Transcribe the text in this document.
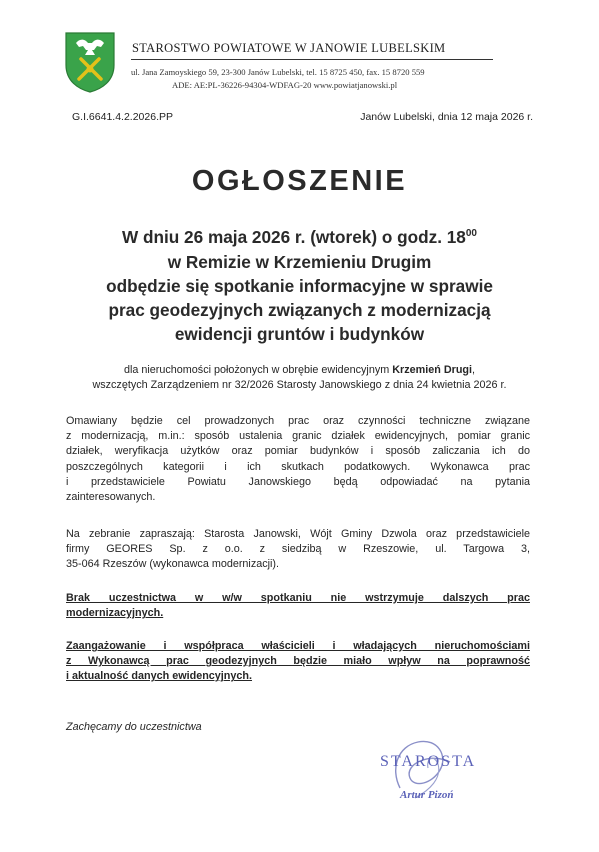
STAROSTWO POWIATOWE W JANOWIE LUBELSKIM
ul. Jana Zamoyskiego 59, 23-300 Janów Lubelski, tel. 15 8725 450, fax. 15 8720 559
ADE: AE:PL-36226-94304-WDFAG-20 www.powiatjanowski.pl
G.I.6641.4.2.2026.PP	Janów Lubelski, dnia 12 maja 2026 r.
OGŁOSZENIE
W dniu 26 maja 2026 r. (wtorek) o godz. $18^{00}$
w Remizie w Krzemieniu Drugim
odbędzie się spotkanie informacyjne w sprawie
prac geodezyjnych związanych z modernizacją
ewidencji gruntów i budynków
dla nieruchomości położonych w obrębie ewidencyjnym Krzemień Drugi,
wszczętych Zarządzeniem nr 32/2026 Starosty Janowskiego z dnia 24 kwietnia 2026 r.
Omawiany będzie cel prowadzonych prac oraz czynności techniczne związane
z modernizacją, m.in.: sposób ustalenia granic działek ewidencyjnych, pomiar granic
działek, weryfikacja użytków oraz pomiar budynków i sposób zaliczania ich do
poszczególnych kategorii i ich skutkach podatkowych. Wykonawca prac
i przedstawiciele Powiatu Janowskiego będą odpowiadać na pytania
zainteresowanych.
Na zebranie zapraszają: Starosta Janowski, Wójt Gminy Dzwola oraz przedstawiciele
firmy GEORES Sp. z o.o. z siedzibą w Rzeszowie, ul. Targowa 3,
35-064 Rzeszów (wykonawca modernizacji).
Brak uczestnictwa w w/w spotkaniu nie wstrzymuje dalszych prac
modernizacyjnych.
Zaangażowanie i współpraca właścicieli i władających nieruchomościami
z Wykonawcą prac geodezyjnych będzie miało wpływ na poprawność
i aktualność danych ewidencyjnych.
Zachęcamy do uczestnictwa
STAROSTA
Artur Pizoń
